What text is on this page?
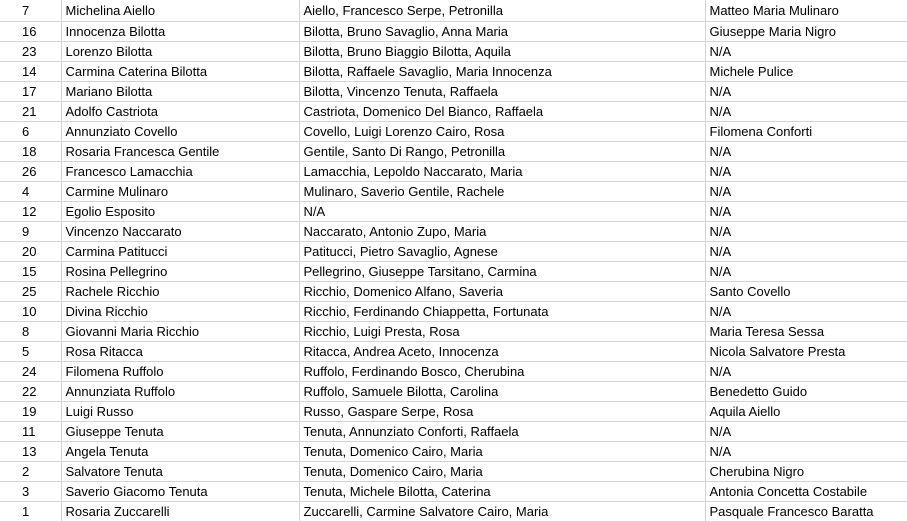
7	Michelina Aiello	Aiello, Francesco Serpe, Petronilla	Matteo Maria Mulinaro
16	Innocenza Bilotta	Bilotta, Bruno Savaglio, Anna Maria	Giuseppe Maria Nigro
23	Lorenzo Bilotta	Bilotta, Bruno Biaggio Bilotta, Aquila	N/A
14	Carmina Caterina Bilotta	Bilotta, Raffaele Savaglio, Maria Innocenza	Michele Pulice
17	Mariano Bilotta	Bilotta, Vincenzo Tenuta, Raffaela	N/A
21	Adolfo Castriota	Castriota, Domenico Del Bianco, Raffaela	N/A
6	Annunziato Covello	Covello, Luigi Lorenzo Cairo, Rosa	Filomena Conforti
18	Rosaria Francesca Gentile	Gentile, Santo Di Rango, Petronilla	N/A
26	Francesco Lamacchia	Lamacchia, Lepoldo Naccarato, Maria	N/A
4	Carmine Mulinaro	Mulinaro, Saverio Gentile, Rachele	N/A
12	Egolio Esposito	N/A	N/A
9	Vincenzo Naccarato	Naccarato, Antonio Zupo, Maria	N/A
20	Carmina Patitucci	Patitucci, Pietro Savaglio, Agnese	N/A
15	Rosina Pellegrino	Pellegrino, Giuseppe Tarsitano, Carmina	N/A
25	Rachele Ricchio	Ricchio, Domenico Alfano, Saveria	Santo Covello
10	Divina Ricchio	Ricchio, Ferdinando Chiappetta, Fortunata	N/A
8	Giovanni Maria Ricchio	Ricchio, Luigi Presta, Rosa	Maria Teresa Sessa
5	Rosa Ritacca	Ritacca, Andrea Aceto, Innocenza	Nicola Salvatore Presta
24	Filomena Ruffolo	Ruffolo, Ferdinando Bosco, Cherubina	N/A
22	Annunziata Ruffolo	Ruffolo, Samuele Bilotta, Carolina	Benedetto Guido
19	Luigi Russo	Russo, Gaspare Serpe, Rosa	Aquila Aiello
11	Giuseppe Tenuta	Tenuta, Annunziato Conforti, Raffaela	N/A
13	Angela Tenuta	Tenuta, Domenico Cairo, Maria	N/A
2	Salvatore Tenuta	Tenuta, Domenico Cairo, Maria	Cherubina Nigro
3	Saverio Giacomo Tenuta	Tenuta, Michele Bilotta, Caterina	Antonia Concetta Costabile
1	Rosaria Zuccarelli	Zuccarelli, Carmine Salvatore Cairo, Maria	Pasquale Francesco Baratta
